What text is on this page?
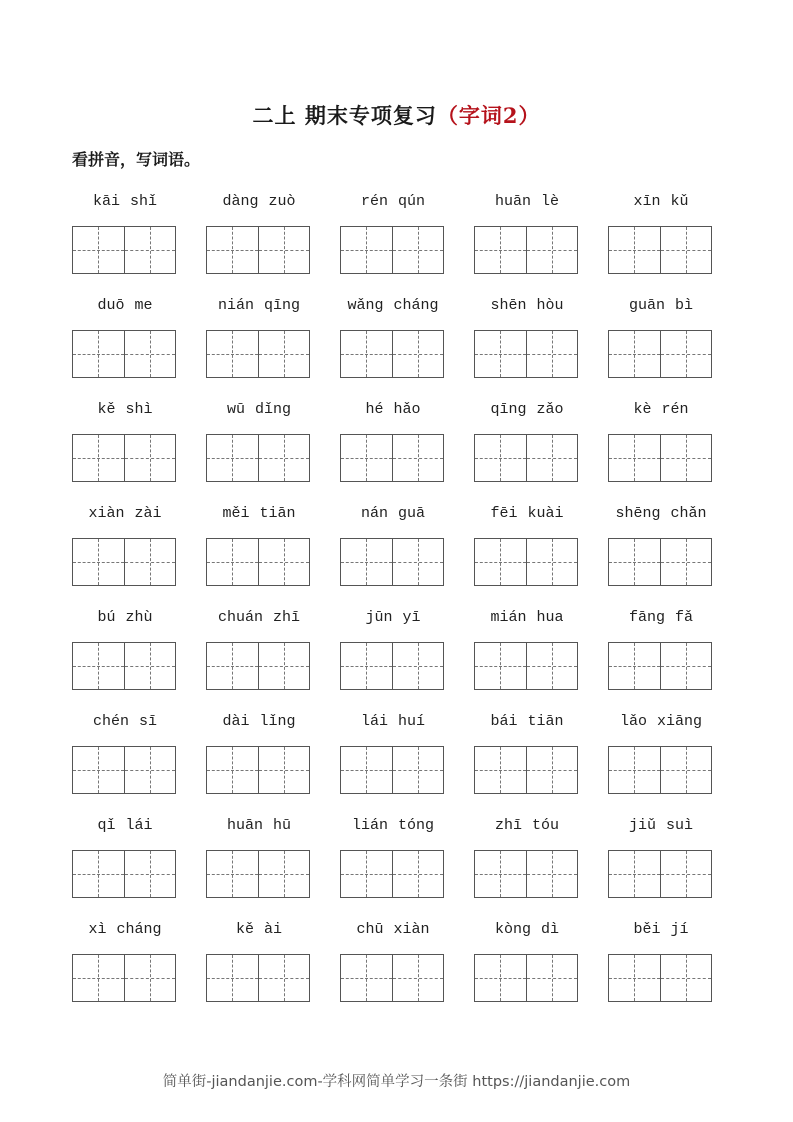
二上 期末专项复习（字词2）
看拼音，写词语。
kāi shǐ	dàng zuò	rén qún	huān lè	xīn kǔ
duō me	nián qīng	wǎng cháng	shēn hòu	guān bì
kě shì	wū dǐng	hé hǎo	qīng zǎo	kè rén
xiàn zài	měi tiān	nán guā	fēi kuài	shēng chǎn
bú zhù	chuán zhī	jūn yī	mián hua	fāng fǎ
chén sī	dài lǐng	lái huí	bái tiān	lǎo xiāng
qǐ lái	huān hū	lián tóng	zhī tóu	jiǔ suì
xì cháng	kě ài	chū xiàn	kòng dì	běi jí
简单街-jiandanjie.com-学科网简单学习一条街 https://jiandanjie.com
